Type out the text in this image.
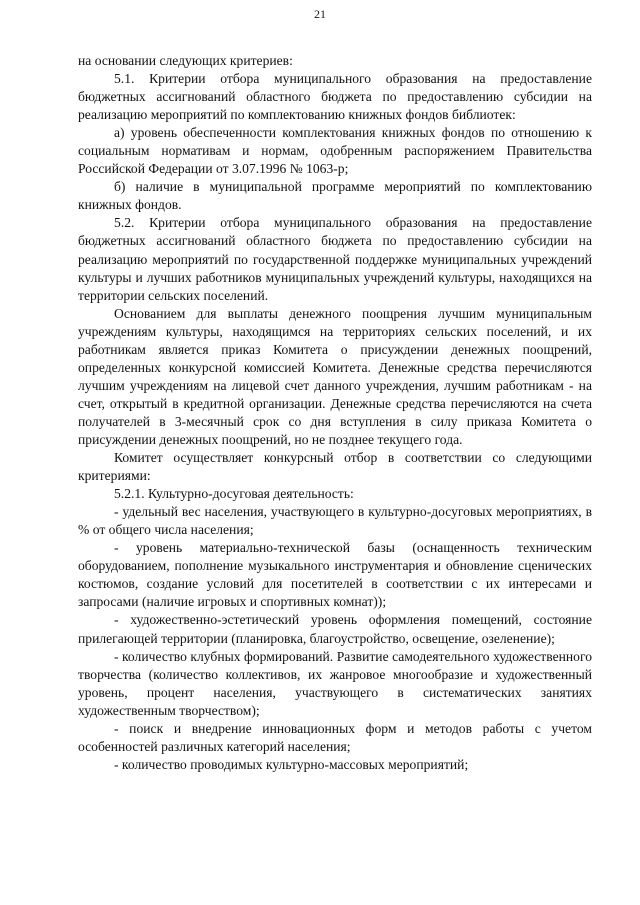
21

на основании следующих критериев:

5.1. Критерии отбора муниципального образования на предоставление бюджетных ассигнований областного бюджета по предоставлению субсидии на реализацию мероприятий по комплектованию книжных фондов библиотек:

а) уровень обеспеченности комплектования книжных фондов по отношению к социальным нормативам и нормам, одобренным распоряжением Правительства Российской Федерации от 3.07.1996 № 1063-р;

б) наличие в муниципальной программе мероприятий по комплектованию книжных фондов.

5.2. Критерии отбора муниципального образования на предоставление бюджетных ассигнований областного бюджета по предоставлению субсидии на реализацию мероприятий по государственной поддержке муниципальных учреждений культуры и лучших работников муниципальных учреждений культуры, находящихся на территории сельских поселений.

Основанием для выплаты денежного поощрения лучшим муниципальным учреждениям культуры, находящимся на территориях сельских поселений, и их работникам является приказ Комитета о присуждении денежных поощрений, определенных конкурсной комиссией Комитета. Денежные средства перечисляются лучшим учреждениям на лицевой счет данного учреждения, лучшим работникам - на счет, открытый в кредитной организации. Денежные средства перечисляются на счета получателей в 3-месячный срок со дня вступления в силу приказа Комитета о присуждении денежных поощрений, но не позднее текущего года.

Комитет осуществляет конкурсный отбор в соответствии со следующими критериями:

5.2.1. Культурно-досуговая деятельность:

- удельный вес населения, участвующего в культурно-досуговых мероприятиях, в % от общего числа населения;

- уровень материально-технической базы (оснащенность техническим оборудованием, пополнение музыкального инструментария и обновление сценических костюмов, создание условий для посетителей в соответствии с их интересами и запросами (наличие игровых и спортивных комнат));

- художественно-эстетический уровень оформления помещений, состояние прилегающей территории (планировка, благоустройство, освещение, озеленение);

- количество клубных формирований. Развитие самодеятельного художественного творчества (количество коллективов, их жанровое многообразие и художественный уровень, процент населения, участвующего в систематических занятиях художественным творчеством);

- поиск и внедрение инновационных форм и методов работы с учетом особенностей различных категорий населения;

- количество проводимых культурно-массовых мероприятий;
